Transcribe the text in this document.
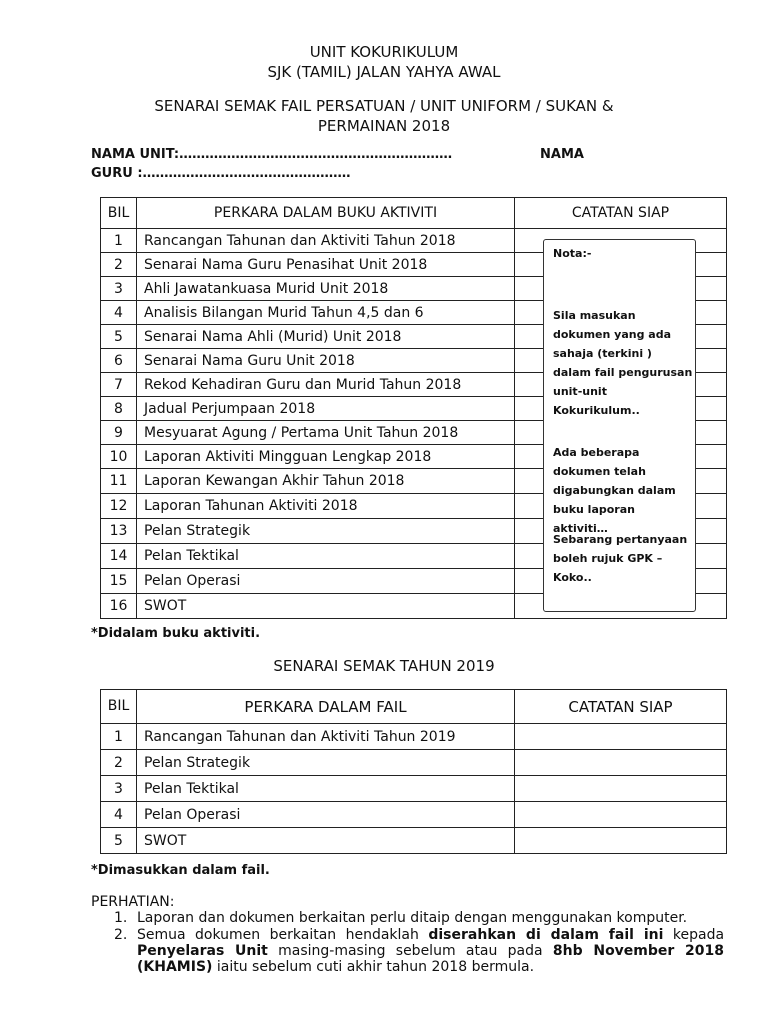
UNIT KOKURIKULUM
SJK (TAMIL) JALAN YAHYA AWAL
SENARAI SEMAK FAIL PERSATUAN / UNIT UNIFORM / SUKAN &
PERMAINAN 2018
NAMA UNIT:………………………………………………………	NAMA
GURU :…………………………………………
BIL	PERKARA DALAM BUKU AKTIVITI	CATATAN SIAP
1	Rancangan Tahunan dan Aktiviti Tahun 2018	
2	Senarai Nama Guru Penasihat Unit 2018	
3	Ahli Jawatankuasa Murid Unit 2018	
4	Analisis Bilangan Murid Tahun 4,5 dan 6	
5	Senarai Nama Ahli (Murid) Unit 2018	
6	Senarai Nama Guru Unit 2018	
7	Rekod Kehadiran Guru dan Murid Tahun 2018	
8	Jadual Perjumpaan 2018	
9	Mesyuarat Agung / Pertama Unit Tahun 2018	
10	Laporan Aktiviti Mingguan Lengkap 2018	
11	Laporan Kewangan Akhir Tahun 2018	
12	Laporan Tahunan Aktiviti 2018	
13	Pelan Strategik	
14	Pelan Tektikal	
15	Pelan Operasi	
16	SWOT	
Nota:-
Sila masukan dokumen yang ada sahaja (terkini ) dalam fail pengurusan unit-unit Kokurikulum..
Ada beberapa dokumen telah digabungkan dalam buku laporan aktiviti…
Sebarang pertanyaan boleh rujuk GPK – Koko..
*Didalam buku aktiviti.
SENARAI SEMAK TAHUN 2019
BIL	PERKARA DALAM FAIL	CATATAN SIAP
1	Rancangan Tahunan dan Aktiviti Tahun 2019	
2	Pelan Strategik	
3	Pelan Tektikal	
4	Pelan Operasi	
5	SWOT	
*Dimasukkan dalam fail.
PERHATIAN:
1. Laporan dan dokumen berkaitan perlu ditaip dengan menggunakan komputer.
2. Semua dokumen berkaitan hendaklah diserahkan di dalam fail ini kepada
Penyelaras Unit masing-masing sebelum atau pada 8hb November 2018
(KHAMIS) iaitu sebelum cuti akhir tahun 2018 bermula.
